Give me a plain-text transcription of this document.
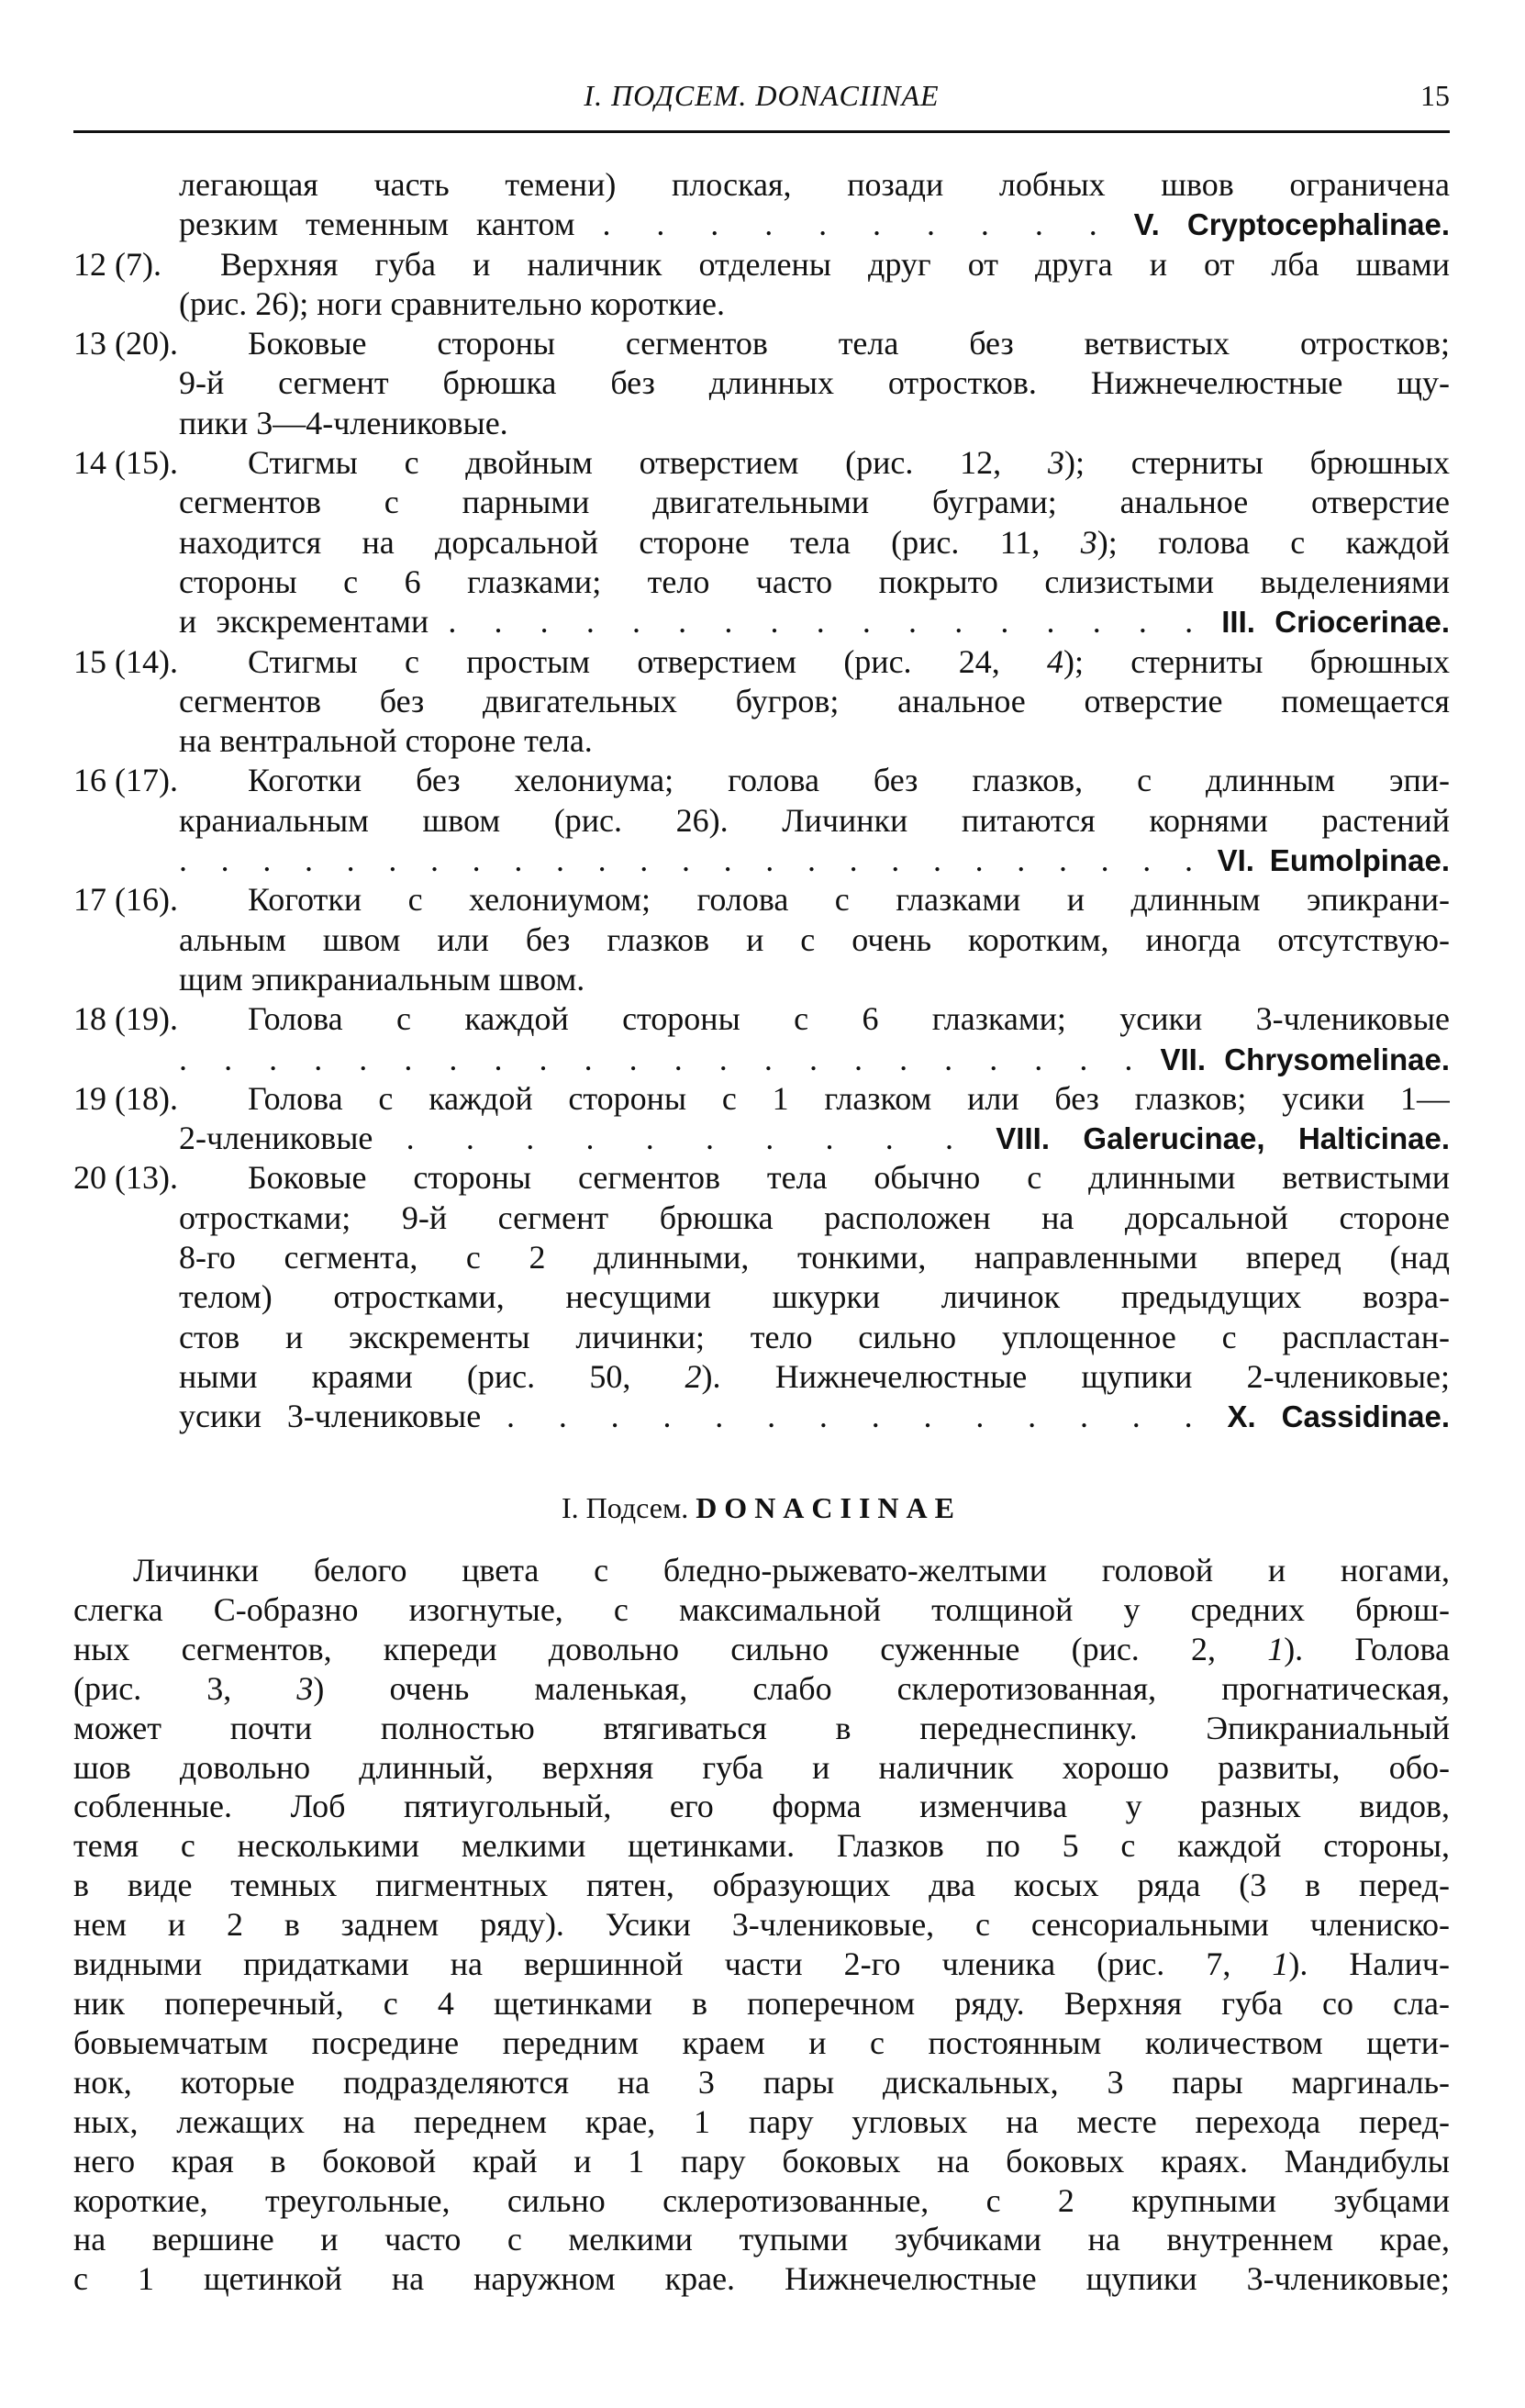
I. ПОДСЕМ. DONACIINAE	15
легающая часть темени) плоская, позади лобных швов ограничена
резким теменным кантом . . . . . . . . . . V. Cryptocephalinae.
12 (7).	Верхняя губа и наличник отделены друг от друга и от лба швами
(рис. 26); ноги сравнительно короткие.
13 (20).	Боковые стороны сегментов тела без ветвистых отростков;
9-й сегмент брюшка без длинных отростков. Нижнечелюстные щу-
пики 3—4-члениковые.
14 (15).	Стигмы с двойным отверстием (рис. 12, 3); стерниты брюшных
сегментов с парными двигательными буграми; анальное отверстие
находится на дорсальной стороне тела (рис. 11, 3); голова с каждой
стороны с 6 глазками; тело часто покрыто слизистыми выделениями
и экскрементами . . . . . . . . . . . . . . . . . III. Criocerinae.
15 (14).	Стигмы с простым отверстием (рис. 24, 4); стерниты брюшных
сегментов без двигательных бугров; анальное отверстие помещается
на вентральной стороне тела.
16 (17).	Коготки без хелониума; голова без глазков, с длинным эпи-
краниальным швом (рис. 26). Личинки питаются корнями растений
. . . . . . . . . . . . . . . . . . . . . . . . . VI. Eumolpinae.
17 (16).	Коготки с хелониумом; голова с глазками и длинным эпикрани-
альным швом или без глазков и с очень коротким, иногда отсутствую-
щим эпикраниальным швом.
18 (19).	Голова с каждой стороны с 6 глазками; усики 3-члениковые
. . . . . . . . . . . . . . . . . . . . . . VII. Chrysomelinae.
19 (18).	Голова с каждой стороны с 1 глазком или без глазков; усики 1—
2-члениковые . . . . . . . . . . VIII. Galerucinae, Halticinae.
20 (13).	Боковые стороны сегментов тела обычно с длинными ветвистыми
отростками; 9-й сегмент брюшка расположен на дорсальной стороне
8-го сегмента, с 2 длинными, тонкими, направленными вперед (над
телом) отростками, несущими шкурки личинок предыдущих возра-
стов и экскременты личинки; тело сильно уплощенное с распластан-
ными краями (рис. 50, 2). Нижнечелюстные щупики 2-члениковые;
усики 3-члениковые . . . . . . . . . . . . . . X. Cassidinae.
I. Подсем. DONACIINAE
Личинки белого цвета с бледно-рыжевато-желтыми головой и ногами,
слегка С-образно изогнутые, с максимальной толщиной у средних брюш-
ных сегментов, кпереди довольно сильно суженные (рис. 2, 1). Голова
(рис. 3, 3) очень маленькая, слабо склеротизованная, прогнатическая,
может почти полностью втягиваться в переднеспинку. Эпикраниальный
шов довольно длинный, верхняя губа и наличник хорошо развиты, обо-
собленные. Лоб пятиугольный, его форма изменчива у разных видов,
темя с несколькими мелкими щетинками. Глазков по 5 с каждой стороны,
в виде темных пигментных пятен, образующих два косых ряда (3 в перед-
нем и 2 в заднем ряду). Усики 3-члениковые, с сенсориальными члениско-
видными придатками на вершинной части 2-го членика (рис. 7, 1). Налич-
ник поперечный, с 4 щетинками в поперечном ряду. Верхняя губа со сла-
бовыемчатым посредине передним краем и с постоянным количеством щети-
нок, которые подразделяются на 3 пары дискальных, 3 пары маргиналь-
ных, лежащих на переднем крае, 1 пару угловых на месте перехода перед-
него края в боковой край и 1 пару боковых на боковых краях. Мандибулы
короткие, треугольные, сильно склеротизованные, с 2 крупными зубцами
на вершине и часто с мелкими тупыми зубчиками на внутреннем крае,
с 1 щетинкой на наружном крае. Нижнечелюстные щупики 3-члениковые;
